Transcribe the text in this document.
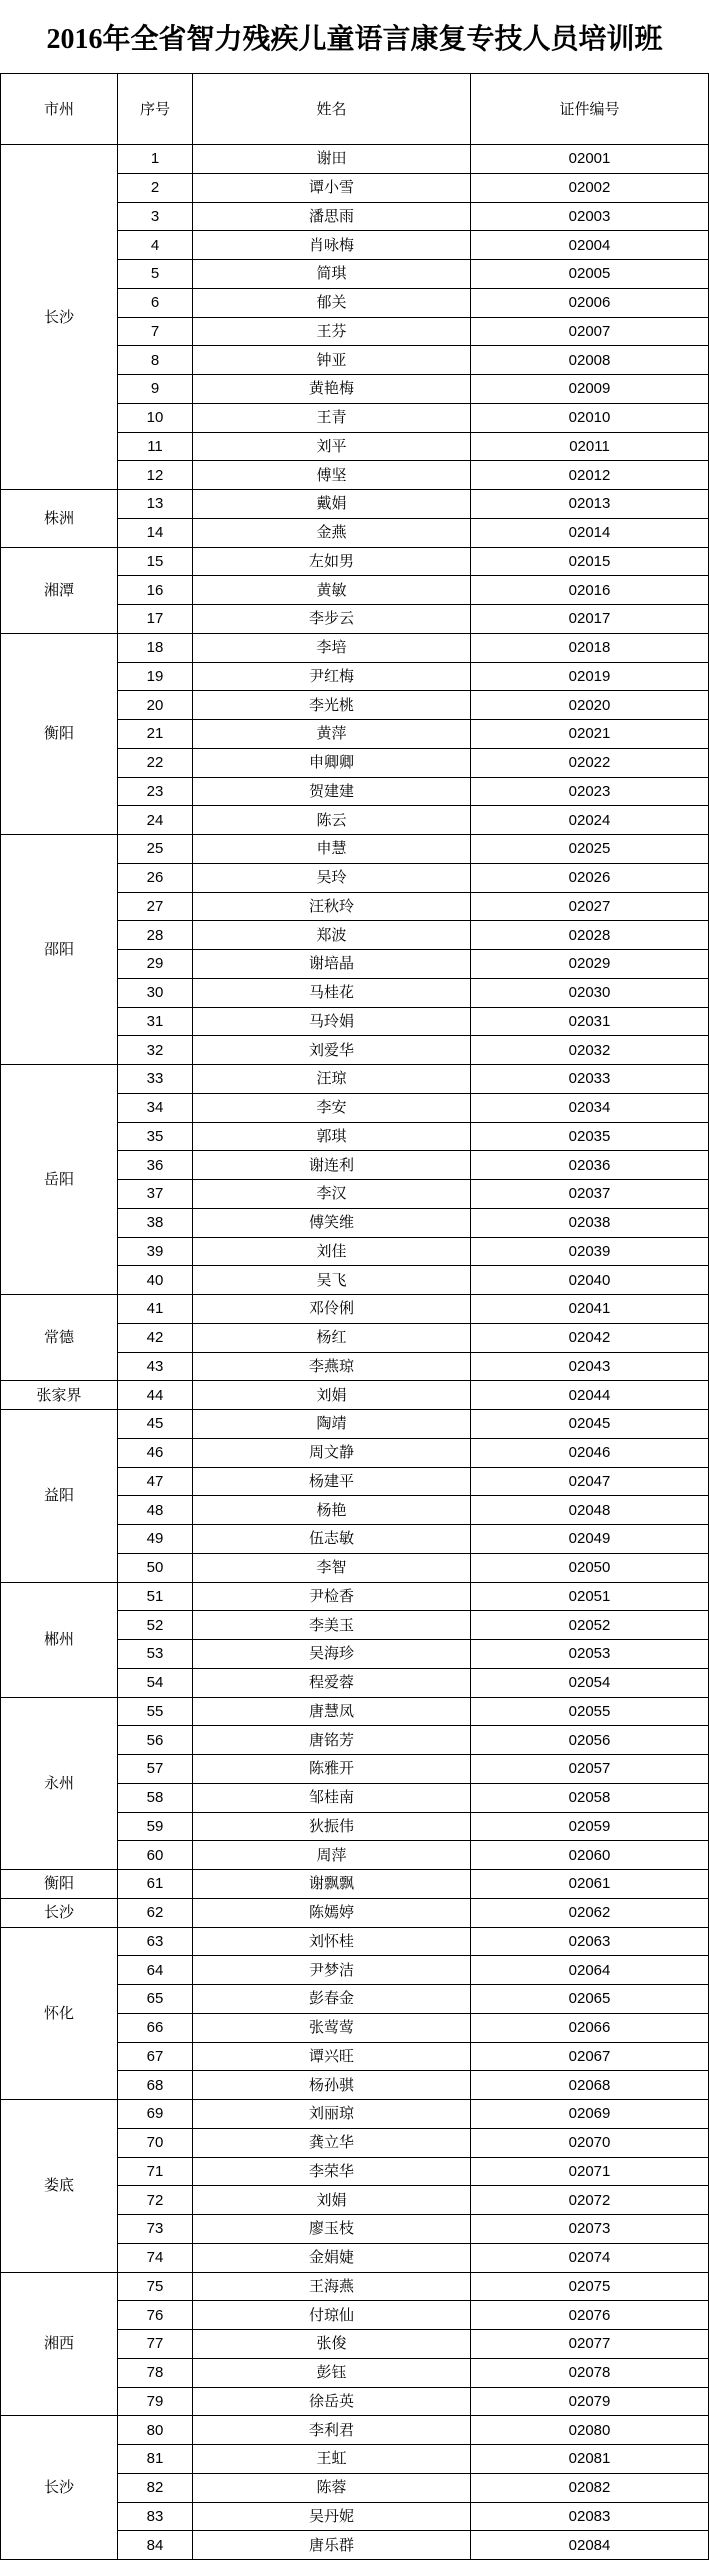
2016年全省智力残疾儿童语言康复专技人员培训班
市州	序号	姓名	证件编号
长沙
1	谢田	02001
2	谭小雪	02002
3	潘思雨	02003
4	肖咏梅	02004
5	简琪	02005
6	郁关	02006
7	王芬	02007
8	钟亚	02008
9	黄艳梅	02009
10	王青	02010
11	刘平	02011
12	傅坚	02012
株洲
13	戴娟	02013
14	金燕	02014
湘潭
15	左如男	02015
16	黄敏	02016
17	李步云	02017
衡阳
18	李培	02018
19	尹红梅	02019
20	李光桃	02020
21	黄萍	02021
22	申卿卿	02022
23	贺建建	02023
24	陈云	02024
邵阳
25	申慧	02025
26	吴玲	02026
27	汪秋玲	02027
28	郑波	02028
29	谢培晶	02029
30	马桂花	02030
31	马玲娟	02031
32	刘爱华	02032
岳阳
33	汪琼	02033
34	李安	02034
35	郭琪	02035
36	谢连利	02036
37	李汉	02037
38	傅笑维	02038
39	刘佳	02039
40	吴飞	02040
常德
41	邓伶俐	02041
42	杨红	02042
43	李燕琼	02043
张家界	44	刘娟	02044
益阳
45	陶靖	02045
46	周文静	02046
47	杨建平	02047
48	杨艳	02048
49	伍志敏	02049
50	李智	02050
郴州
51	尹检香	02051
52	李美玉	02052
53	吴海珍	02053
54	程爱蓉	02054
永州
55	唐慧凤	02055
56	唐铭芳	02056
57	陈雅开	02057
58	邹桂南	02058
59	狄振伟	02059
60	周萍	02060
衡阳	61	谢飘飘	02061
长沙	62	陈嫣婷	02062
怀化
63	刘怀桂	02063
64	尹梦洁	02064
65	彭春金	02065
66	张莺莺	02066
67	谭兴旺	02067
68	杨孙骐	02068
娄底
69	刘丽琼	02069
70	龚立华	02070
71	李荣华	02071
72	刘娟	02072
73	廖玉枝	02073
74	金娟婕	02074
湘西
75	王海燕	02075
76	付琼仙	02076
77	张俊	02077
78	彭钰	02078
79	徐岳英	02079
长沙
80	李利君	02080
81	王虹	02081
82	陈蓉	02082
83	吴丹妮	02083
84	唐乐群	02084
